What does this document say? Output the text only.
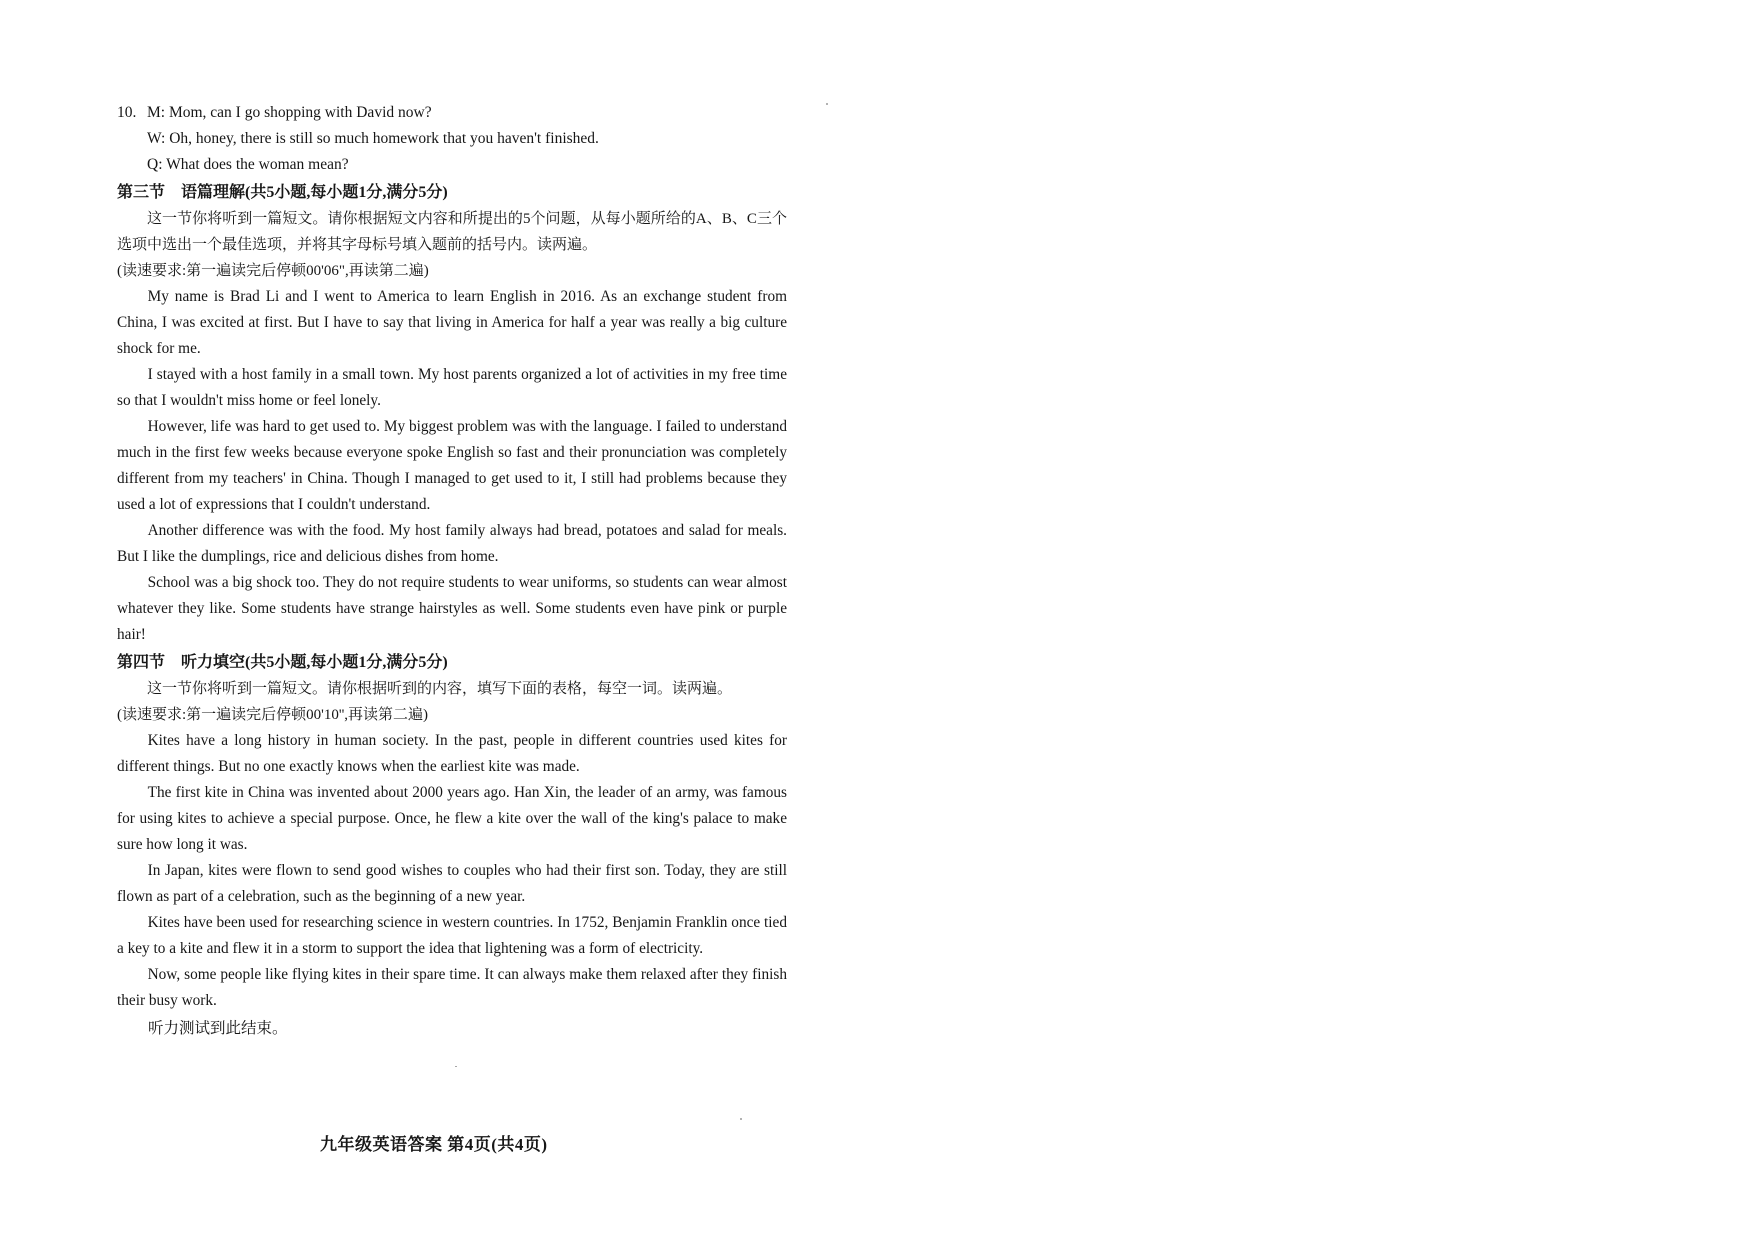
10. M: Mom, can I go shopping with David now?
W: Oh, honey, there is still so much homework that you haven't finished.
Q: What does the woman mean?
第三节 语篇理解(共5小题,每小题1分,满分5分)
这一节你将听到一篇短文。请你根据短文内容和所提出的5个问题，从每小题所给的A、B、C三个选项中选出一个最佳选项，并将其字母标号填入题前的括号内。读两遍。
(读速要求:第一遍读完后停顿00'06",再读第二遍)

My name is Brad Li and I went to America to learn English in 2016. As an exchange student from China, I was excited at first. But I have to say that living in America for half a year was really a big culture shock for me.

I stayed with a host family in a small town. My host parents organized a lot of activities in my free time so that I wouldn't miss home or feel lonely.

However, life was hard to get used to. My biggest problem was with the language. I failed to understand much in the first few weeks because everyone spoke English so fast and their pronunciation was completely different from my teachers' in China. Though I managed to get used to it, I still had problems because they used a lot of expressions that I couldn't understand.

Another difference was with the food. My host family always had bread, potatoes and salad for meals. But I like the dumplings, rice and delicious dishes from home.

School was a big shock too. They do not require students to wear uniforms, so students can wear almost whatever they like. Some students have strange hairstyles as well. Some students even have pink or purple hair!

第四节 听力填空(共5小题,每小题1分,满分5分)
这一节你将听到一篇短文。请你根据听到的内容，填写下面的表格，每空一词。读两遍。
(读速要求:第一遍读完后停顿00'10'',再读第二遍)

Kites have a long history in human society. In the past, people in different countries used kites for different things. But no one exactly knows when the earliest kite was made.

The first kite in China was invented about 2000 years ago. Han Xin, the leader of an army, was famous for using kites to achieve a special purpose. Once, he flew a kite over the wall of the king's palace to make sure how long it was.

In Japan, kites were flown to send good wishes to couples who had their first son. Today, they are still flown as part of a celebration, such as the beginning of a new year.

Kites have been used for researching science in western countries. In 1752, Benjamin Franklin once tied a key to a kite and flew it in a storm to support the idea that lightening was a form of electricity.

Now, some people like flying kites in their spare time. It can always make them relaxed after they finish their busy work.

听力测试到此结束。
九年级英语答案 第4页(共4页)
